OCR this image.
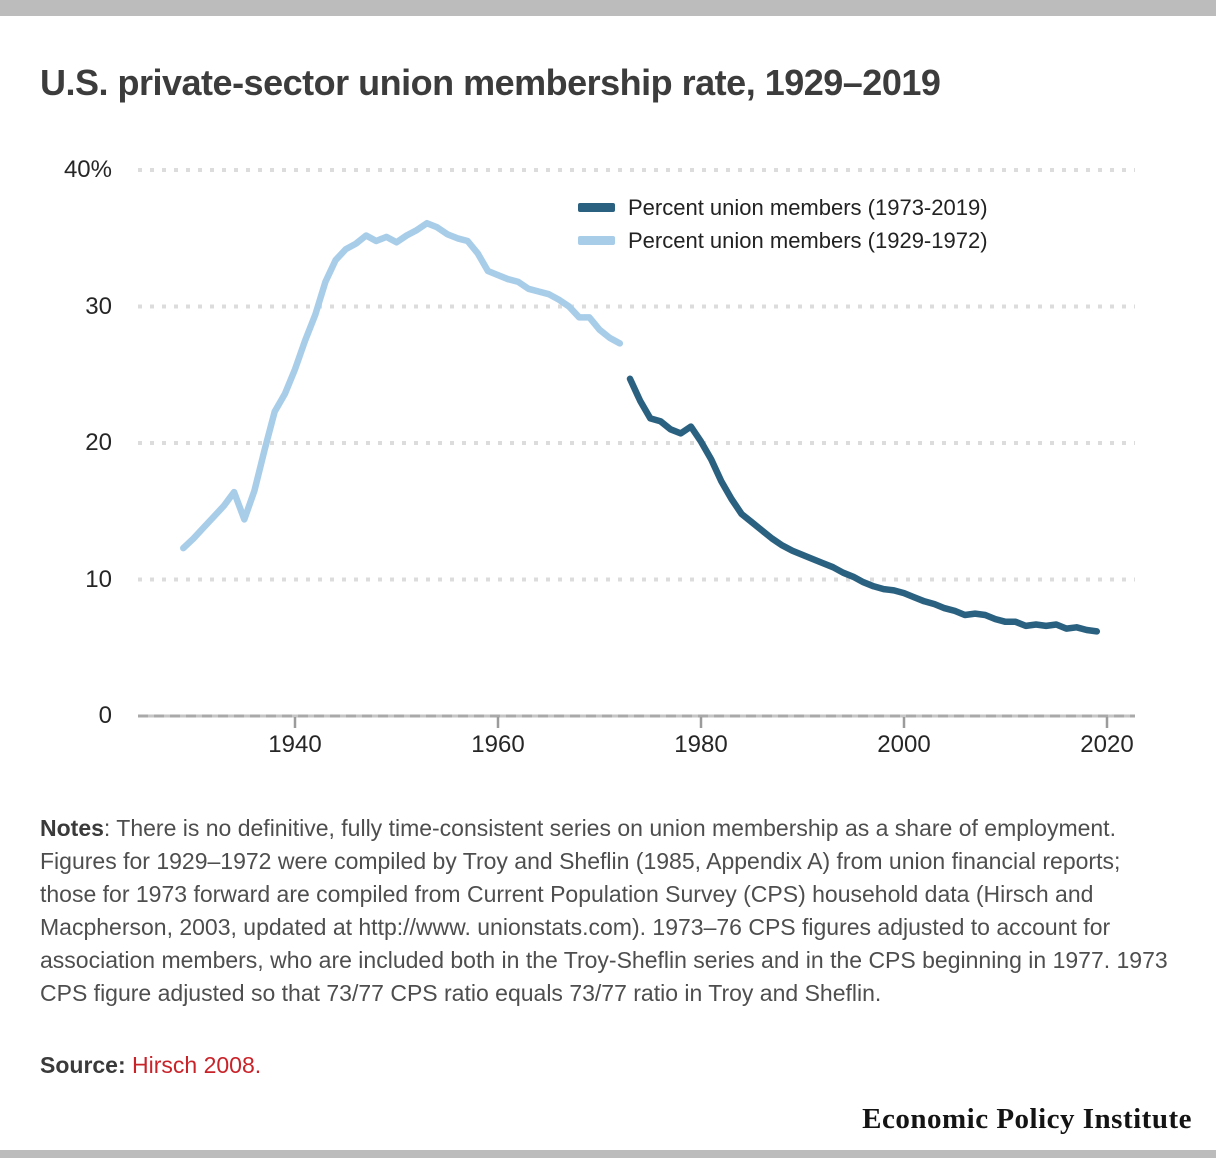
U.S. private-sector union membership rate, 1929–2019
40%
30
20
10
0
1940	1960	1980	2000	2020
Percent union members (1973-2019)
Percent union members (1929-1972)

Notes: There is no definitive, fully time-consistent series on union membership as a share of employment. Figures for 1929–1972 were compiled by Troy and Sheflin (1985, Appendix A) from union financial reports; those for 1973 forward are compiled from Current Population Survey (CPS) household data (Hirsch and Macpherson, 2003, updated at http://www. unionstats.com). 1973–76 CPS figures adjusted to account for association members, who are included both in the Troy-Sheflin series and in the CPS beginning in 1977. 1973 CPS figure adjusted so that 73/77 CPS ratio equals 73/77 ratio in Troy and Sheflin.

Source: Hirsch 2008.
Economic Policy Institute
